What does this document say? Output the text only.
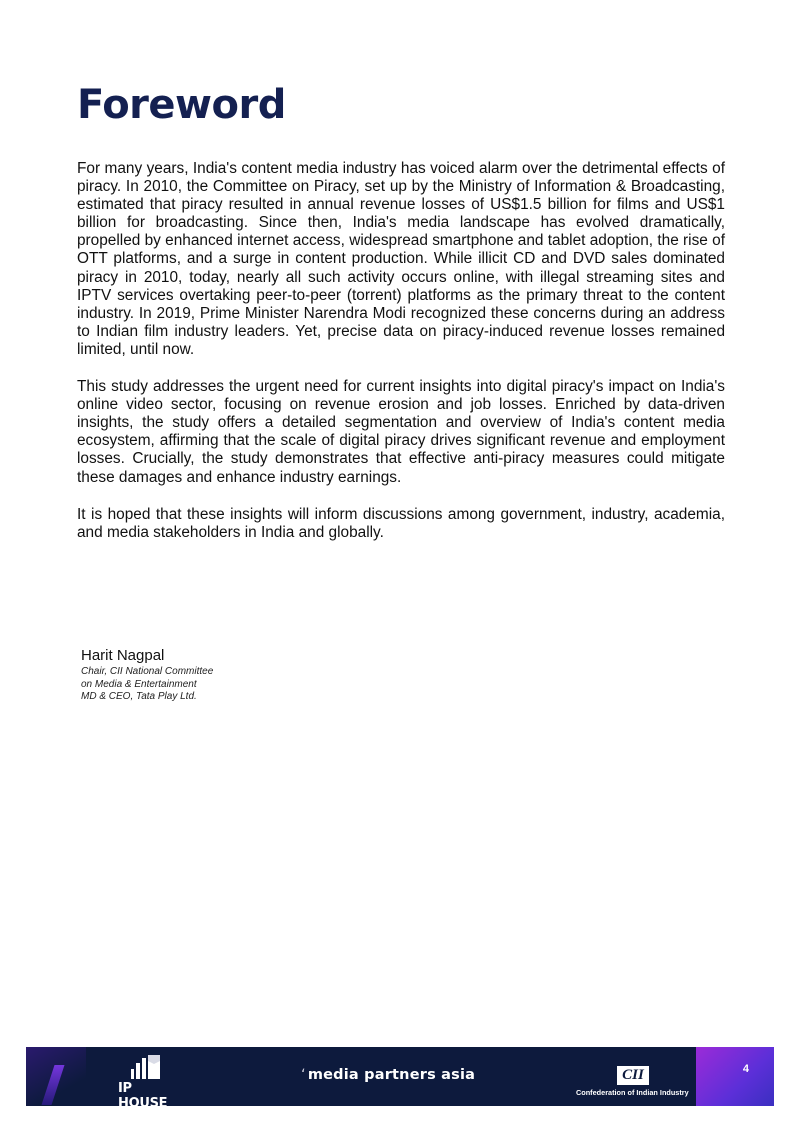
Foreword

For many years, India's content media industry has voiced alarm over the detrimental effects of piracy. In 2010, the Committee on Piracy, set up by the Ministry of Information & Broadcasting, estimated that piracy resulted in annual revenue losses of US$1.5 billion for films and US$1 billion for broadcasting. Since then, India's media landscape has evolved dramatically, propelled by enhanced internet access, widespread smartphone and tablet adoption, the rise of OTT platforms, and a surge in content production. While illicit CD and DVD sales dominated piracy in 2010, today, nearly all such activity occurs online, with illegal streaming sites and IPTV services overtaking peer-to-peer (torrent) platforms as the primary threat to the content industry. In 2019, Prime Minister Narendra Modi recognized these concerns during an address to Indian film industry leaders. Yet, precise data on piracy-induced revenue losses remained limited, until now.

This study addresses the urgent need for current insights into digital piracy's impact on India's online video sector, focusing on revenue erosion and job losses. Enriched by data-driven insights, the study offers a detailed segmentation and overview of India's content media ecosystem, affirming that the scale of digital piracy drives significant revenue and employment losses. Crucially, the study demonstrates that effective anti-piracy measures could mitigate these damages and enhance industry earnings.

It is hoped that these insights will inform discussions among government, industry, academia, and media stakeholders in India and globally.

Harit Nagpal

Chair, CII National Committee

on Media & Entertainment

MD & CEO, Tata Play Ltd.

IP HOUSE
‘ media partners asia	CII
Confederation of Indian Industry
4
